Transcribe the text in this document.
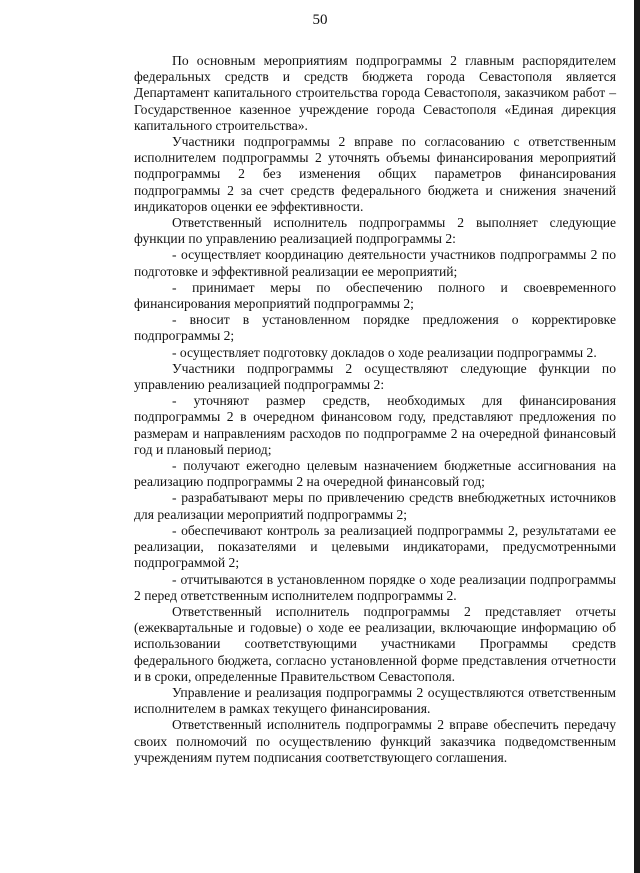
50

По основным мероприятиям подпрограммы 2 главным распорядителем федеральных средств и средств бюджета города Севастополя является Департамент капитального строительства города Севастополя, заказчиком работ – Государственное казенное учреждение города Севастополя «Единая дирекция капитального строительства».

Участники подпрограммы 2 вправе по согласованию с ответственным исполнителем подпрограммы 2 уточнять объемы финансирования мероприятий подпрограммы 2 без изменения общих параметров финансирования подпрограммы 2 за счет средств федерального бюджета и снижения значений индикаторов оценки ее эффективности.

Ответственный исполнитель подпрограммы 2 выполняет следующие функции по управлению реализацией подпрограммы 2:

- осуществляет координацию деятельности участников подпрограммы 2 по подготовке и эффективной реализации ее мероприятий;

- принимает меры по обеспечению полного и своевременного финансирования мероприятий подпрограммы 2;

- вносит в установленном порядке предложения о корректировке подпрограммы 2;

- осуществляет подготовку докладов о ходе реализации подпрограммы 2.

Участники подпрограммы 2 осуществляют следующие функции по управлению реализацией подпрограммы 2:

- уточняют размер средств, необходимых для финансирования подпрограммы 2 в очередном финансовом году, представляют предложения по размерам и направлениям расходов по подпрограмме 2 на очередной финансовый год и плановый период;

- получают ежегодно целевым назначением бюджетные ассигнования на реализацию подпрограммы 2 на очередной финансовый год;

- разрабатывают меры по привлечению средств внебюджетных источников для реализации мероприятий подпрограммы 2;

- обеспечивают контроль за реализацией подпрограммы 2, результатами ее реализации, показателями и целевыми индикаторами, предусмотренными подпрограммой 2;

- отчитываются в установленном порядке о ходе реализации подпрограммы 2 перед ответственным исполнителем подпрограммы 2.

Ответственный исполнитель подпрограммы 2 представляет отчеты (ежеквартальные и годовые) о ходе ее реализации, включающие информацию об использовании соответствующими участниками Программы средств федерального бюджета, согласно установленной форме представления отчетности и в сроки, определенные Правительством Севастополя.

Управление и реализация подпрограммы 2 осуществляются ответственным исполнителем в рамках текущего финансирования.

Ответственный исполнитель подпрограммы 2 вправе обеспечить передачу своих полномочий по осуществлению функций заказчика подведомственным учреждениям путем подписания соответствующего соглашения.
